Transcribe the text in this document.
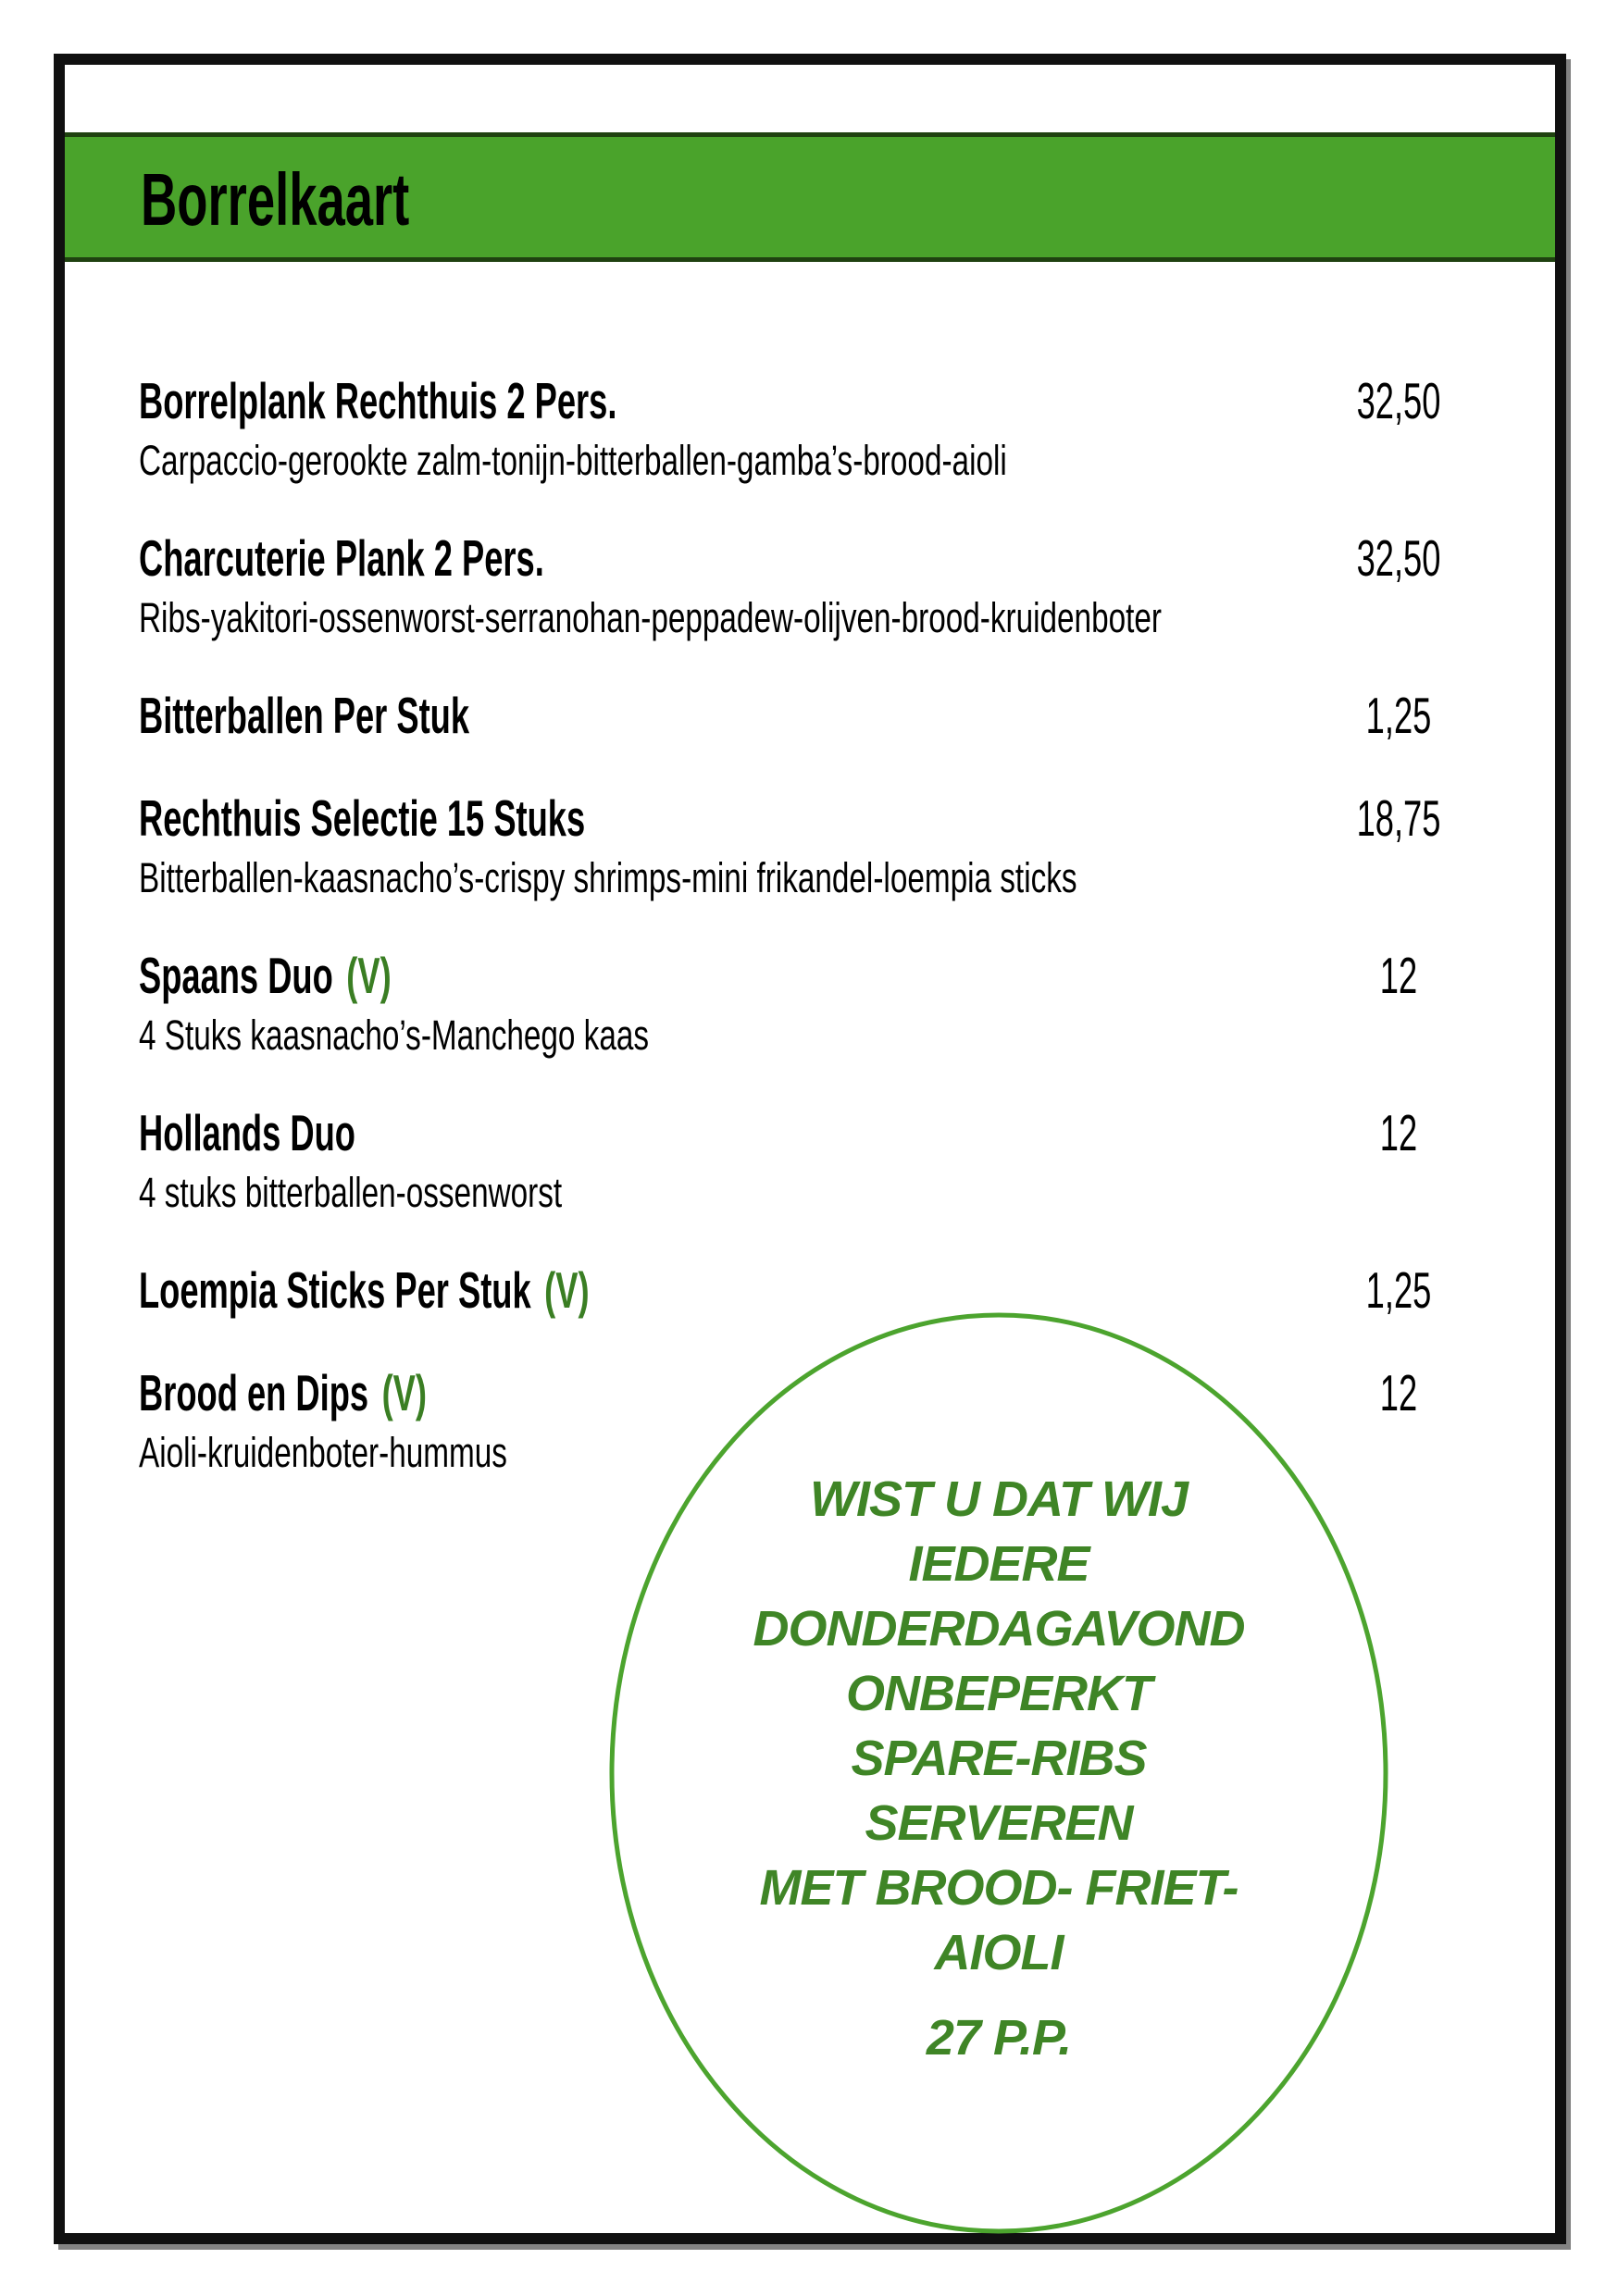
Borrelkaart
Borrelplank Rechthuis 2 Pers.
Carpaccio-gerookte zalm-tonijn-bitterballen-gamba’s-brood-aioli
32,50
Charcuterie Plank 2 Pers.
Ribs-yakitori-ossenworst-serranohan-peppadew-olijven-brood-kruidenboter
32,50
Bitterballen Per Stuk	1,25
Rechthuis Selectie 15 Stuks
Bitterballen-kaasnacho’s-crispy shrimps-mini frikandel-loempia sticks
18,75
Spaans Duo (V)
4 Stuks kaasnacho’s-Manchego kaas
12
Hollands Duo
4 stuks bitterballen-ossenworst
12
Loempia Sticks Per Stuk (V)	1,25
Brood en Dips (V)
Aioli-kruidenboter-hummus
12
WIST U DAT WIJ
IEDERE
DONDERDAGAVOND
ONBEPERKT
SPARE-RIBS
SERVEREN
MET BROOD- FRIET-
AIOLI
27 P.P.
